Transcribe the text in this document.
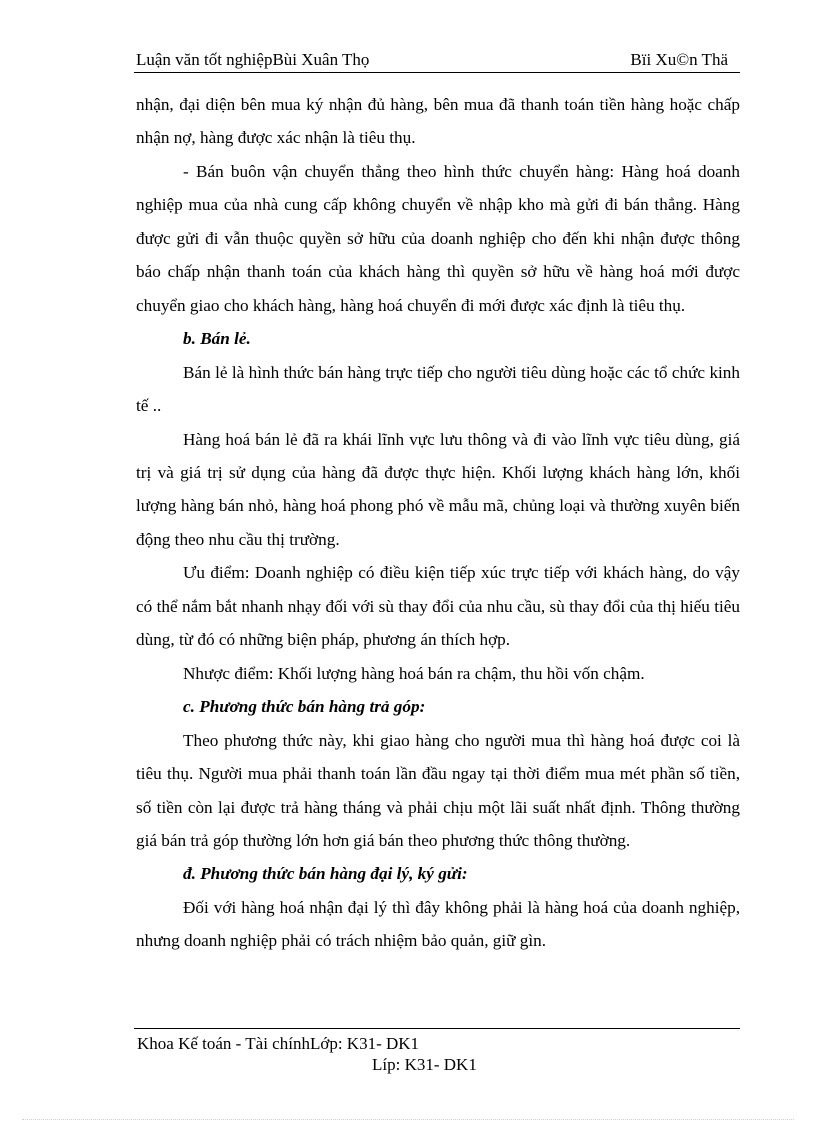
Luận văn tốt nghiệpBùi Xuân Thọ	Bïi Xu©n Thä

nhận, đại diện bên mua ký nhận đủ hàng, bên mua đã thanh toán tiền hàng hoặc chấp nhận nợ, hàng được xác nhận là tiêu thụ.

- Bán buôn vận chuyển thẳng theo hình thức chuyển hàng: Hàng hoá doanh nghiệp mua của nhà cung cấp không chuyển về nhập kho mà gửi đi bán thẳng. Hàng được gửi đi vẫn thuộc quyền sở hữu của doanh nghiệp cho đến khi nhận được thông báo chấp nhận thanh toán của khách hàng thì quyền sở hữu về hàng hoá mới được chuyển giao cho khách hàng, hàng hoá chuyển đi mới được xác định là tiêu thụ.

b. Bán lẻ.

Bán lẻ là hình thức bán hàng trực tiếp cho người tiêu dùng hoặc các tổ chức kinh tế ..

Hàng hoá bán lẻ đã ra khái lĩnh vực lưu thông và đi vào lĩnh vực tiêu dùng, giá trị và giá trị sử dụng của hàng đã được thực hiện. Khối lượng khách hàng lớn, khối lượng hàng bán nhỏ, hàng hoá phong phó về mẫu mã, chủng loại và thường xuyên biến động theo nhu cầu thị trường.

Ưu điểm: Doanh nghiệp có điều kiện tiếp xúc trực tiếp với khách hàng, do vậy có thể nắm bắt nhanh nhạy đối với sù thay đổi của nhu cầu, sù thay đổi của thị hiếu tiêu dùng, từ đó có những biện pháp, phương án thích hợp.

Nhược điểm: Khối lượng hàng hoá bán ra chậm, thu hồi vốn chậm.

c. Phương thức bán hàng trả góp:

Theo phương thức này, khi giao hàng cho người mua thì hàng hoá được coi là tiêu thụ. Người mua phải thanh toán lần đầu ngay tại thời điểm mua mét phần số tiền, số tiền còn lại được trả hàng tháng và phải chịu một lãi suất nhất định. Thông thường giá bán trả góp thường lớn hơn giá bán theo phương thức thông thường.

đ. Phương thức bán hàng đại lý, ký gửi:

Đối với hàng hoá nhận đại lý thì đây không phải là hàng hoá của doanh nghiệp, nhưng doanh nghiệp phải có trách nhiệm bảo quản, giữ gìn.

Khoa Kế toán - Tài chínhLớp: K31- DK1
Líp: K31- DK1
